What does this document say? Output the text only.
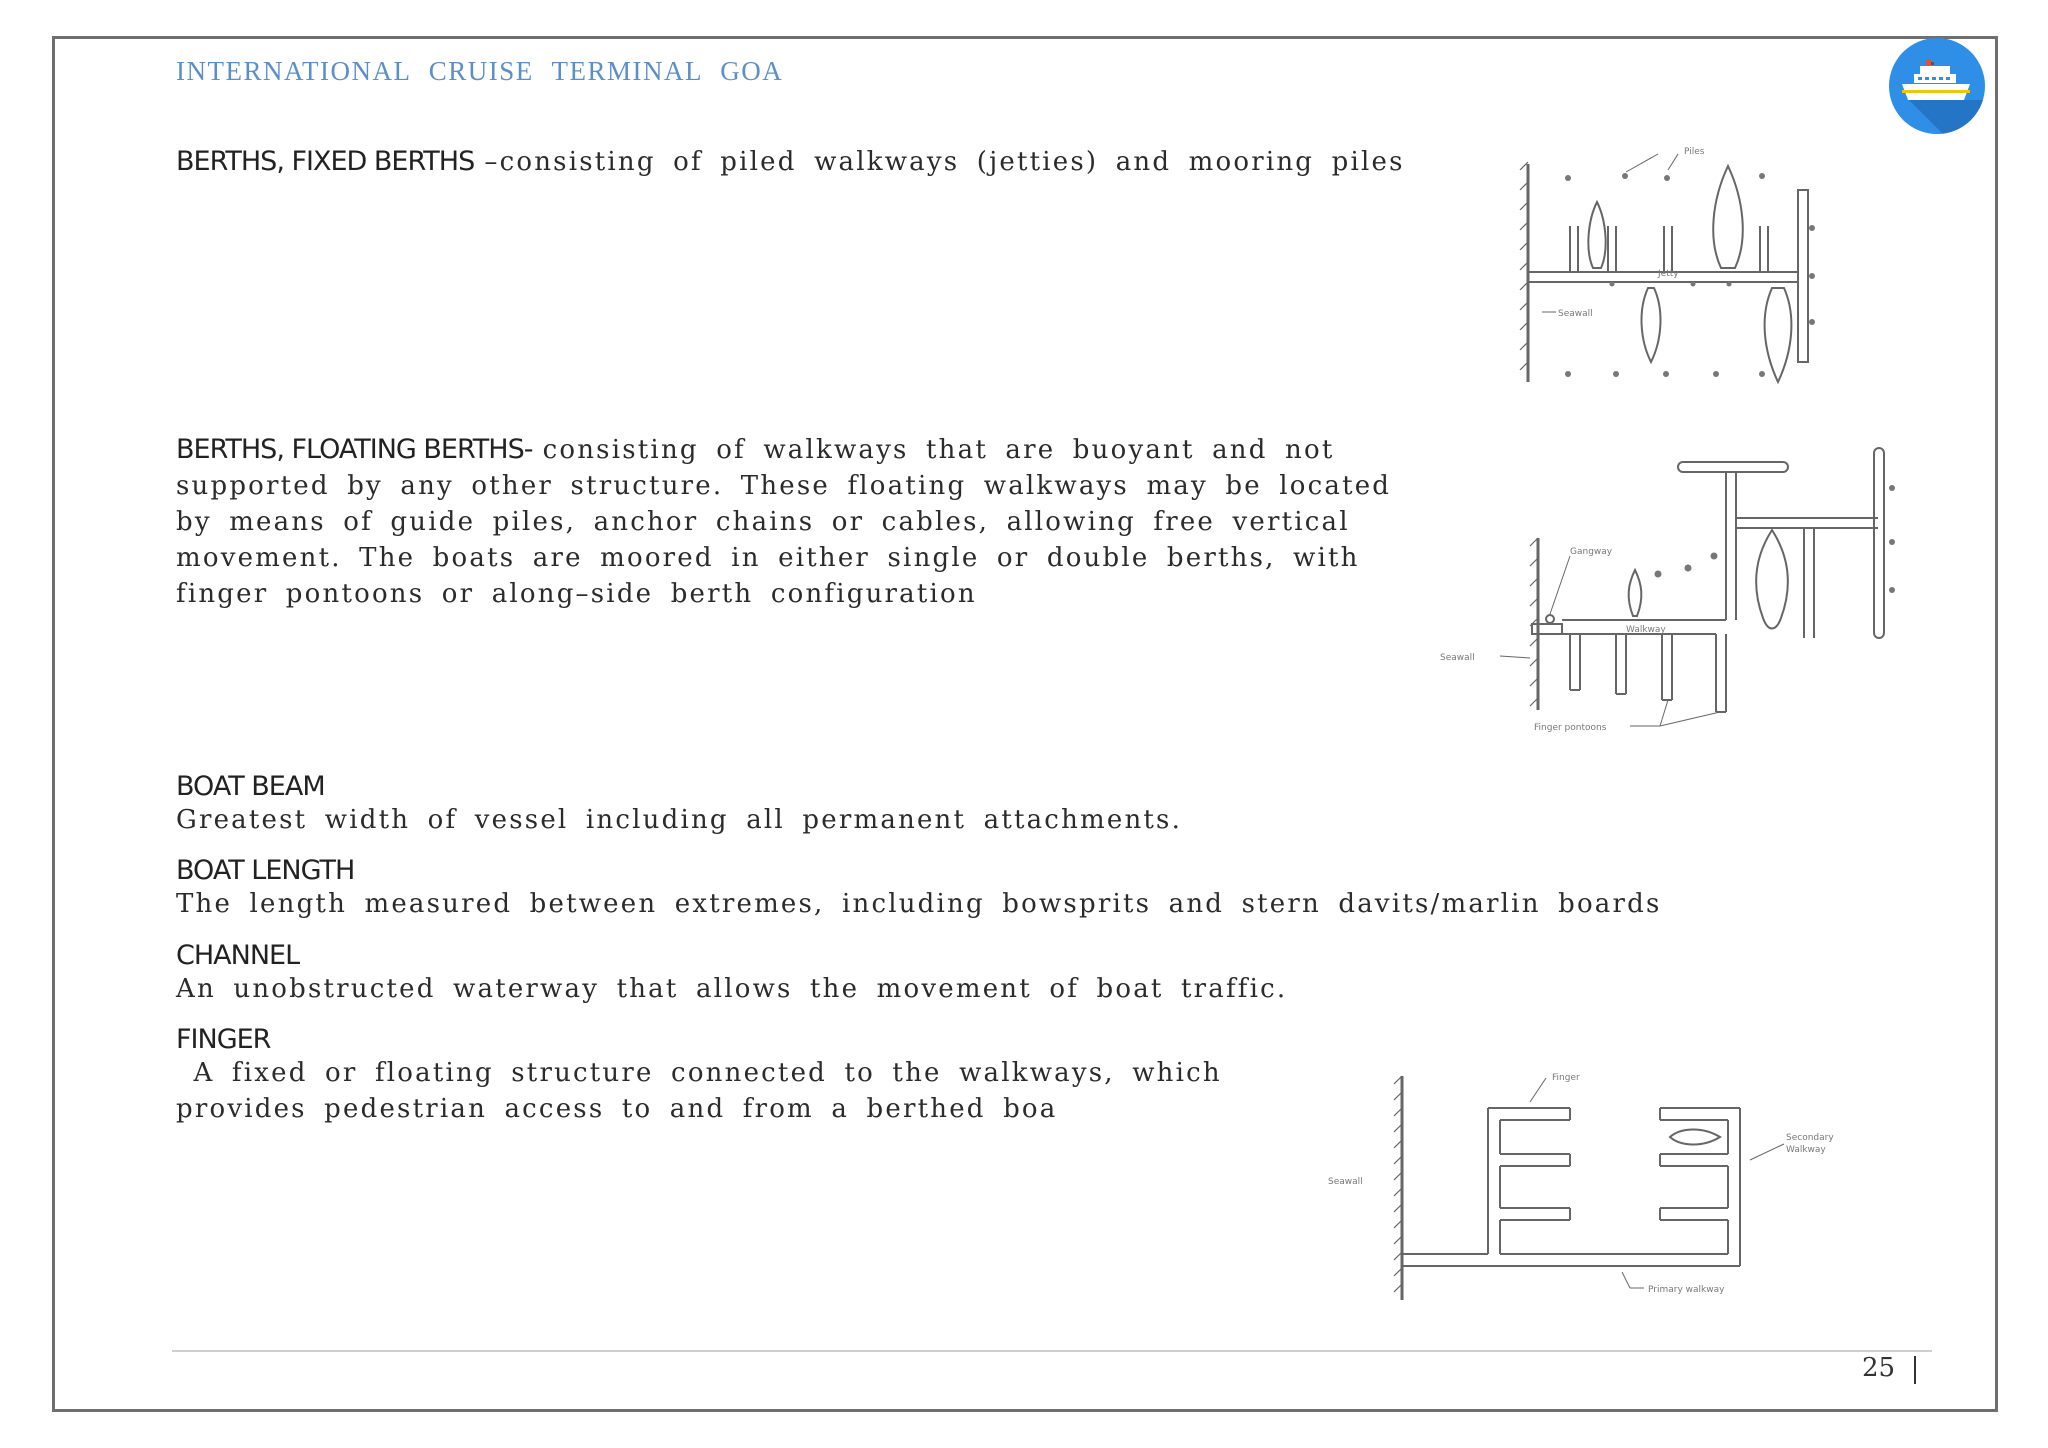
INTERNATIONAL CRUISE TERMINAL GOA
BERTHS, FIXED BERTHS –consisting of piled walkways (jetties) and mooring piles	Piles
Jetty
Seawall
BERTHS, FLOATING BERTHS- consisting of walkways that are buoyant and not supported by any other structure. These floating walkways may be located by means of guide piles, anchor chains or cables, allowing free vertical movement. The boats are moored in either single or double berths, with finger pontoons or along–side berth configuration
Gangway
Walkway
Seawall
Finger pontoons
BOAT BEAM
Greatest width of vessel including all permanent attachments.
BOAT LENGTH
The length measured between extremes, including bowsprits and stern davits/marlin boards
CHANNEL
An unobstructed waterway that allows the movement of boat traffic.
FINGER
A fixed or floating structure connected to the walkways, which provides pedestrian access to and from a berthed boa
Finger
Seawall
Secondary
Walkway
Primary walkway
25
